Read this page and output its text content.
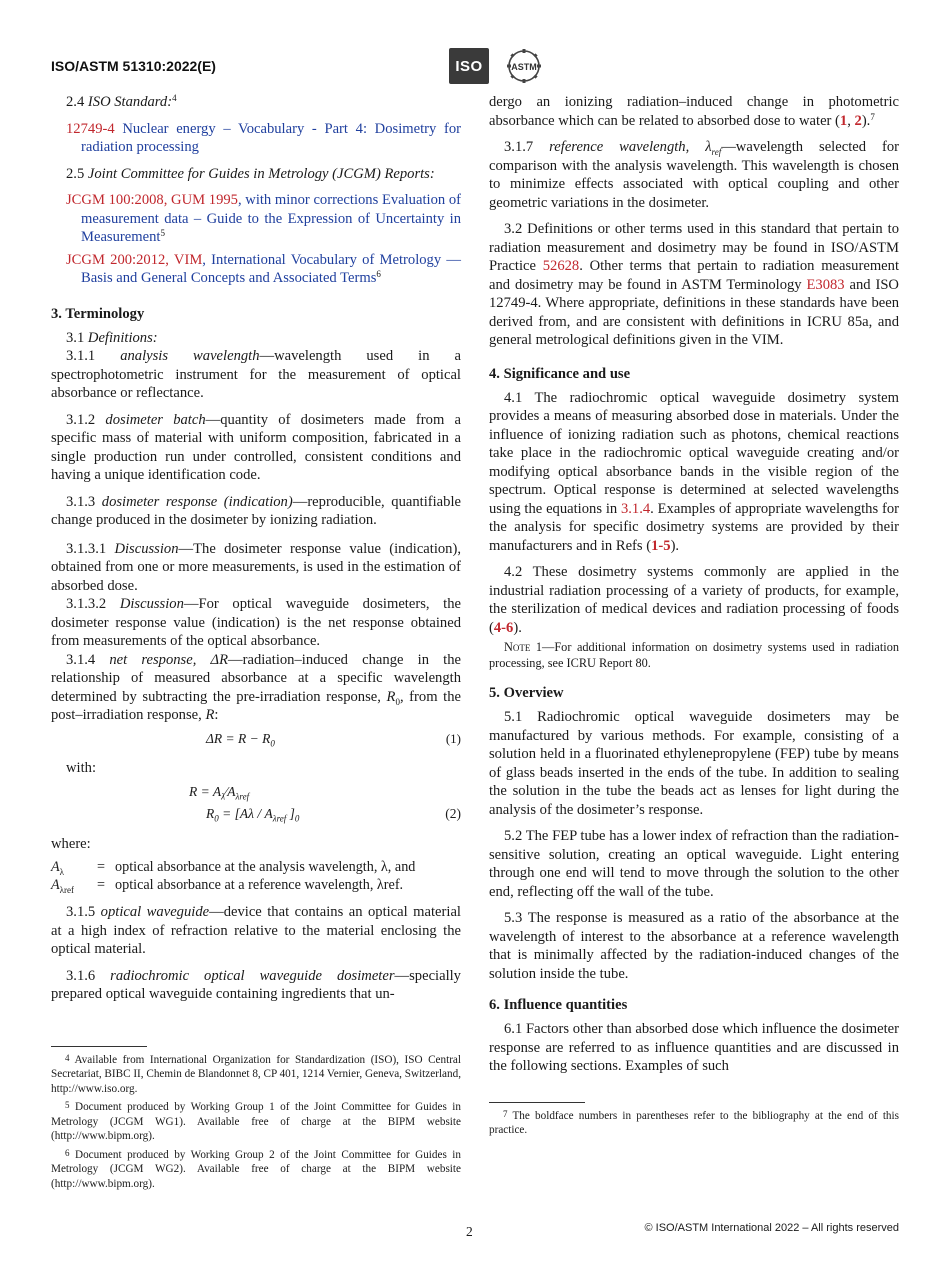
ISO/ASTM 51310:2022(E)	ISO	ASTM

2.4 ISO Standard:$^4$

12749-4 Nuclear energy – Vocabulary - Part 4: Dosimetry for radiation processing

2.5 Joint Committee for Guides in Metrology (JCGM) Reports:

JCGM 100:2008, GUM 1995, with minor corrections Evaluation of measurement data – Guide to the Expression of Uncertainty in Measurement$^5$

JCGM 200:2012, VIM, International Vocabulary of Metrology — Basis and General Concepts and Associated Terms$^6$

3. Terminology

3.1 Definitions:

3.1.1 analysis wavelength—wavelength used in a spectrophotometric instrument for the measurement of optical absorbance or reflectance.

3.1.2 dosimeter batch—quantity of dosimeters made from a specific mass of material with uniform composition, fabricated in a single production run under controlled, consistent conditions and having a unique identification code.

3.1.3 dosimeter response (indication)—reproducible, quantifiable change produced in the dosimeter by ionizing radiation.

3.1.3.1 Discussion—The dosimeter response value (indication), obtained from one or more measurements, is used in the estimation of absorbed dose.

3.1.3.2 Discussion—For optical waveguide dosimeters, the dosimeter response value (indication) is the net response obtained from measurements of the optical absorbance.

3.1.4 net response, ΔR—radiation–induced change in the relationship of measured absorbance at a specific wavelength determined by subtracting the pre-irradiation response, $R_0$, from the post–irradiation response, R:

$\Delta R = R - R_0$	(1)

with:

$R = A_\lambda⁄A_{\lambda ref}$
$R_0 = [A\lambda / A_{\lambda ref}$ ]$_0$	(2)

where:

$A_\lambda$	= optical absorbance at the analysis wavelength, λ, and
$A_{\lambda ref}$	= optical absorbance at a reference wavelength, λref.

3.1.5 optical waveguide—device that contains an optical material at a high index of refraction relative to the material enclosing the optical material.

3.1.6 radiochromic optical waveguide dosimeter—specially prepared optical waveguide containing ingredients that un-

$^4$ Available from International Organization for Standardization (ISO), ISO Central Secretariat, BIBC II, Chemin de Blandonnet 8, CP 401, 1214 Vernier, Geneva, Switzerland, http://www.iso.org.

$^5$ Document produced by Working Group 1 of the Joint Committee for Guides in Metrology (JCGM WG1). Available free of charge at the BIPM website (http://www.bipm.org).

$^6$ Document produced by Working Group 2 of the Joint Committee for Guides in Metrology (JCGM WG2). Available free of charge at the BIPM website (http://www.bipm.org).

dergo an ionizing radiation–induced change in photometric absorbance which can be related to absorbed dose to water (1, 2).$^7$

3.1.7 reference wavelength, $\lambda_{ref}—wavelength$ selected for comparison with the analysis wavelength. This wavelength is chosen to minimize effects associated with optical coupling and other geometric variations in the dosimeter.

3.2 Definitions or other terms used in this standard that pertain to radiation measurement and dosimetry may be found in ISO/ASTM Practice 52628. Other terms that pertain to radiation measurement and dosimetry may be found in ASTM Terminology E3083 and ISO 12749-4. Where appropriate, definitions in these standards have been derived from, and are consistent with definitions in ICRU 85a, and general metrological definitions given in the VIM.

4. Significance and use

4.1 The radiochromic optical waveguide dosimetry system provides a means of measuring absorbed dose in materials. Under the influence of ionizing radiation such as photons, chemical reactions take place in the radiochromic optical waveguide creating and/or modifying optical absorbance bands in the visible region of the spectrum. Optical response is determined at selected wavelengths using the equations in 3.1.4. Examples of appropriate wavelengths for the analysis for specific dosimetry systems are provided by their manufacturers and in Refs (1-5).

4.2 These dosimetry systems commonly are applied in the industrial radiation processing of a variety of products, for example, the sterilization of medical devices and radiation processing of foods (4-6).

Note 1—For additional information on dosimetry systems used in radiation processing, see ICRU Report 80.

5. Overview

5.1 Radiochromic optical waveguide dosimeters may be manufactured by various methods. For example, consisting of a solution held in a fluorinated ethylenepropylene (FEP) tube by means of glass beads inserted in the ends of the tube. In addition to sealing the solution in the tube the beads act as lenses for light during the analysis of the dosimeter’s response.

5.2 The FEP tube has a lower index of refraction than the radiation-sensitive solution, creating an optical waveguide. Light entering through one end will tend to move through the solution to the other end, reflecting off the wall of the tube.

5.3 The response is measured as a ratio of the absorbance at the wavelength of interest to the absorbance at a reference wavelength that is minimally affected by the radiation-induced changes of the solution inside the tube.

6. Influence quantities

6.1 Factors other than absorbed dose which influence the dosimeter response are referred to as influence quantities and are discussed in the following sections. Examples of such

$^7$ The boldface numbers in parentheses refer to the bibliography at the end of this practice.

2	© ISO/ASTM International 2022 – All rights reserved
